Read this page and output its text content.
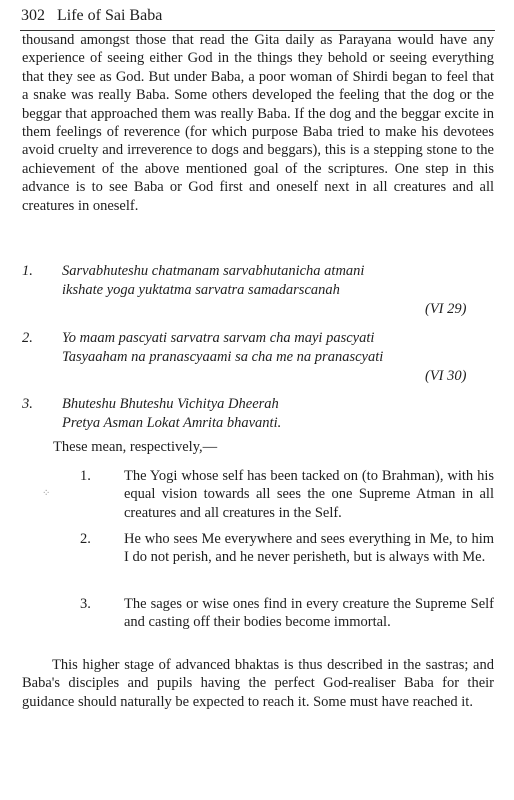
302 Life of Sai Baba

thousand amongst those that read the Gita daily as Parayana would have any experience of seeing either God in the things they behold or seeing everything that they see as God. But under Baba, a poor woman of Shirdi began to feel that a snake was really Baba. Some others developed the feeling that the dog or the beggar that approached them was really Baba. If the dog and the beggar excite in them feelings of reverence (for which purpose Baba tried to make his devotees avoid cruelty and irreverence to dogs and beggars), this is a stepping stone to the achievement of the above mentioned goal of the scriptures. One step in this advance is to see Baba or God first and oneself next in all creatures and all creatures in oneself.

1. Sarvabhuteshu chatmanam sarvabhutanicha atmani
ikshate yoga yuktatma sarvatra samadarscanah
(VI 29)
2. Yo maam pascyati sarvatra sarvam cha mayi pascyati
Tasyaaham na pranascyaami sa cha me na pranascyati
(VI 30)
3. Bhuteshu Bhuteshu Vichitya Dheerah
Pretya Asman Lokat Amrita bhavanti.
These mean, respectively,—
⁘
1. The Yogi whose self has been tacked on (to Brahman), with his equal vision towards all sees the one Supreme Atman in all creatures and all creatures in the Self.

2. He who sees Me everywhere and sees everything in Me, to him I do not perish, and he never perisheth, but is always with Me.

3. The sages or wise ones find in every creature the Supreme Self and casting off their bodies become immortal.

This higher stage of advanced bhaktas is thus described in the sastras; and Baba's disciples and pupils having the perfect God-realiser Baba for their guidance should naturally be expected to reach it. Some must have reached it.
